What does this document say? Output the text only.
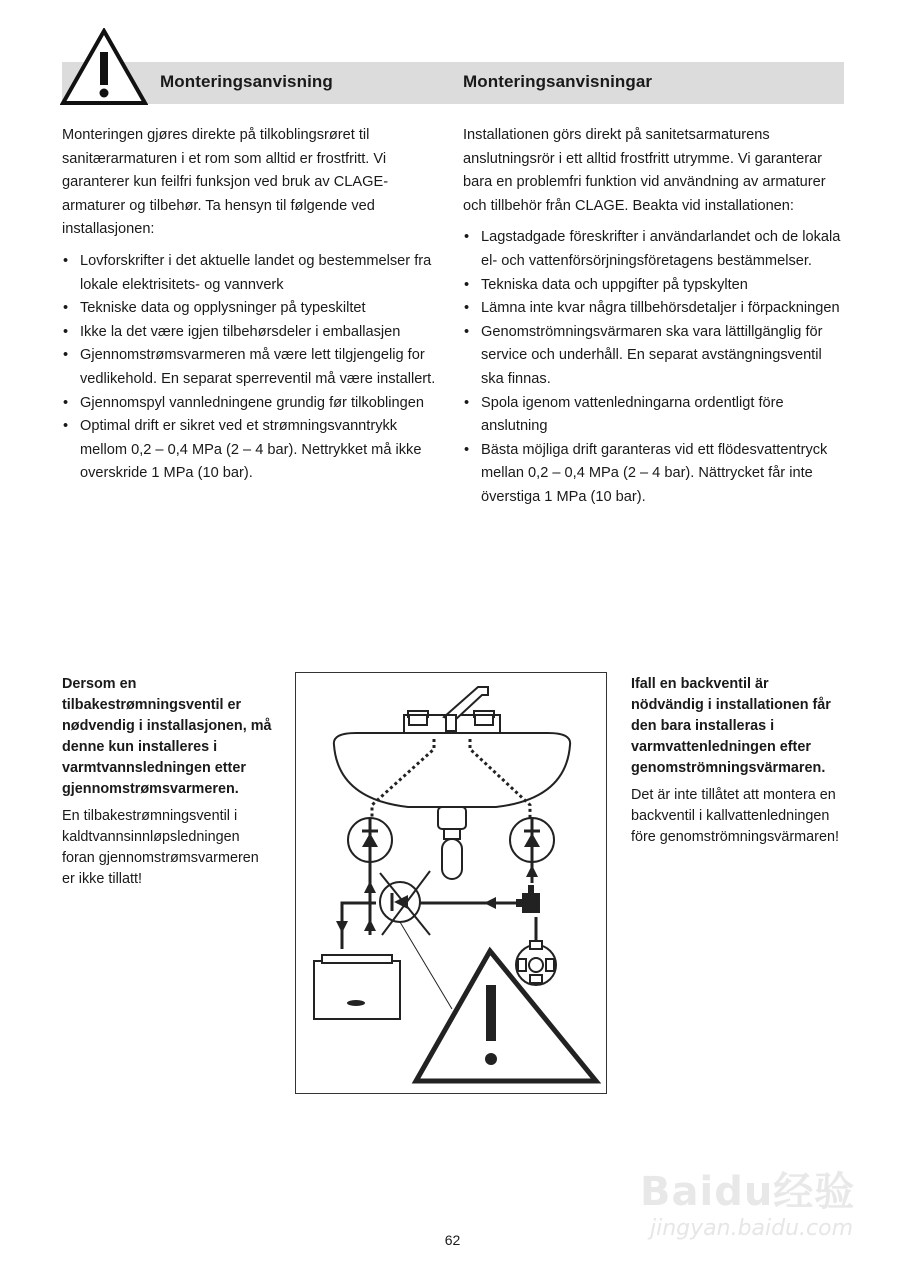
Monteringsanvisning	Monteringsanvisningar

Monteringen gjøres direkte på tilkoblingsrøret til sanitærarmaturen i et rom som alltid er frostfritt. Vi garanterer kun feilfri funksjon ved bruk av CLAGE-armaturer og tilbehør. Ta hensyn til følgende ved installasjonen:

• Lovforskrifter i det aktuelle landet og bestemmelser fra lokale elektrisitets- og vannverk
• Tekniske data og opplysninger på typeskiltet
• Ikke la det være igjen tilbehørsdeler i emballasjen
• Gjennomstrømsvarmeren må være lett tilgjengelig for vedlikehold. En separat sperreventil må være installert.
• Gjennomspyl vannledningene grundig før tilkoblingen
• Optimal drift er sikret ved et strømningsvanntrykk mellom 0,2 – 0,4 MPa (2 – 4 bar). Nettrykket må ikke overskride 1 MPa (10 bar).

Installationen görs direkt på sanitetsarmaturens anslutningsrör i ett alltid frostfritt utrymme. Vi garanterar bara en problemfri funktion vid användning av armaturer och tillbehör från CLAGE. Beakta vid installationen:

• Lagstadgade föreskrifter i användarlandet och de lokala el- och vattenförsörjningsföretagens bestämmelser.
• Tekniska data och uppgifter på typskylten
• Lämna inte kvar några tillbehörsdetaljer i förpackningen
• Genomströmningsvärmaren ska vara lättillgänglig för service och underhåll. En separat avstängningsventil ska finnas.
• Spola igenom vattenledningarna ordentligt före anslutning
• Bästa möjliga drift garanteras vid ett flödesvattentryck mellan 0,2 – 0,4 MPa (2 – 4 bar). Nättrycket får inte överstiga 1 MPa (10 bar).

Dersom en tilbakestrømningsventil er nødvendig i installasjonen, må denne kun installeres i varmtvannsledningen etter gjennomstrømsvarmeren.

En tilbakestrømningsventil i kaldtvannsinnløpsledningen foran gjennomstrømsvarmeren er ikke tillatt!

Ifall en backventil är nödvändig i installationen får den bara installeras i varmvattenledningen efter genomströmningsvärmaren.

Det är inte tillåtet att montera en backventil i kallvattenledningen före genomströmningsvärmaren!

Baidu经验
jingyan.baidu.com
62
